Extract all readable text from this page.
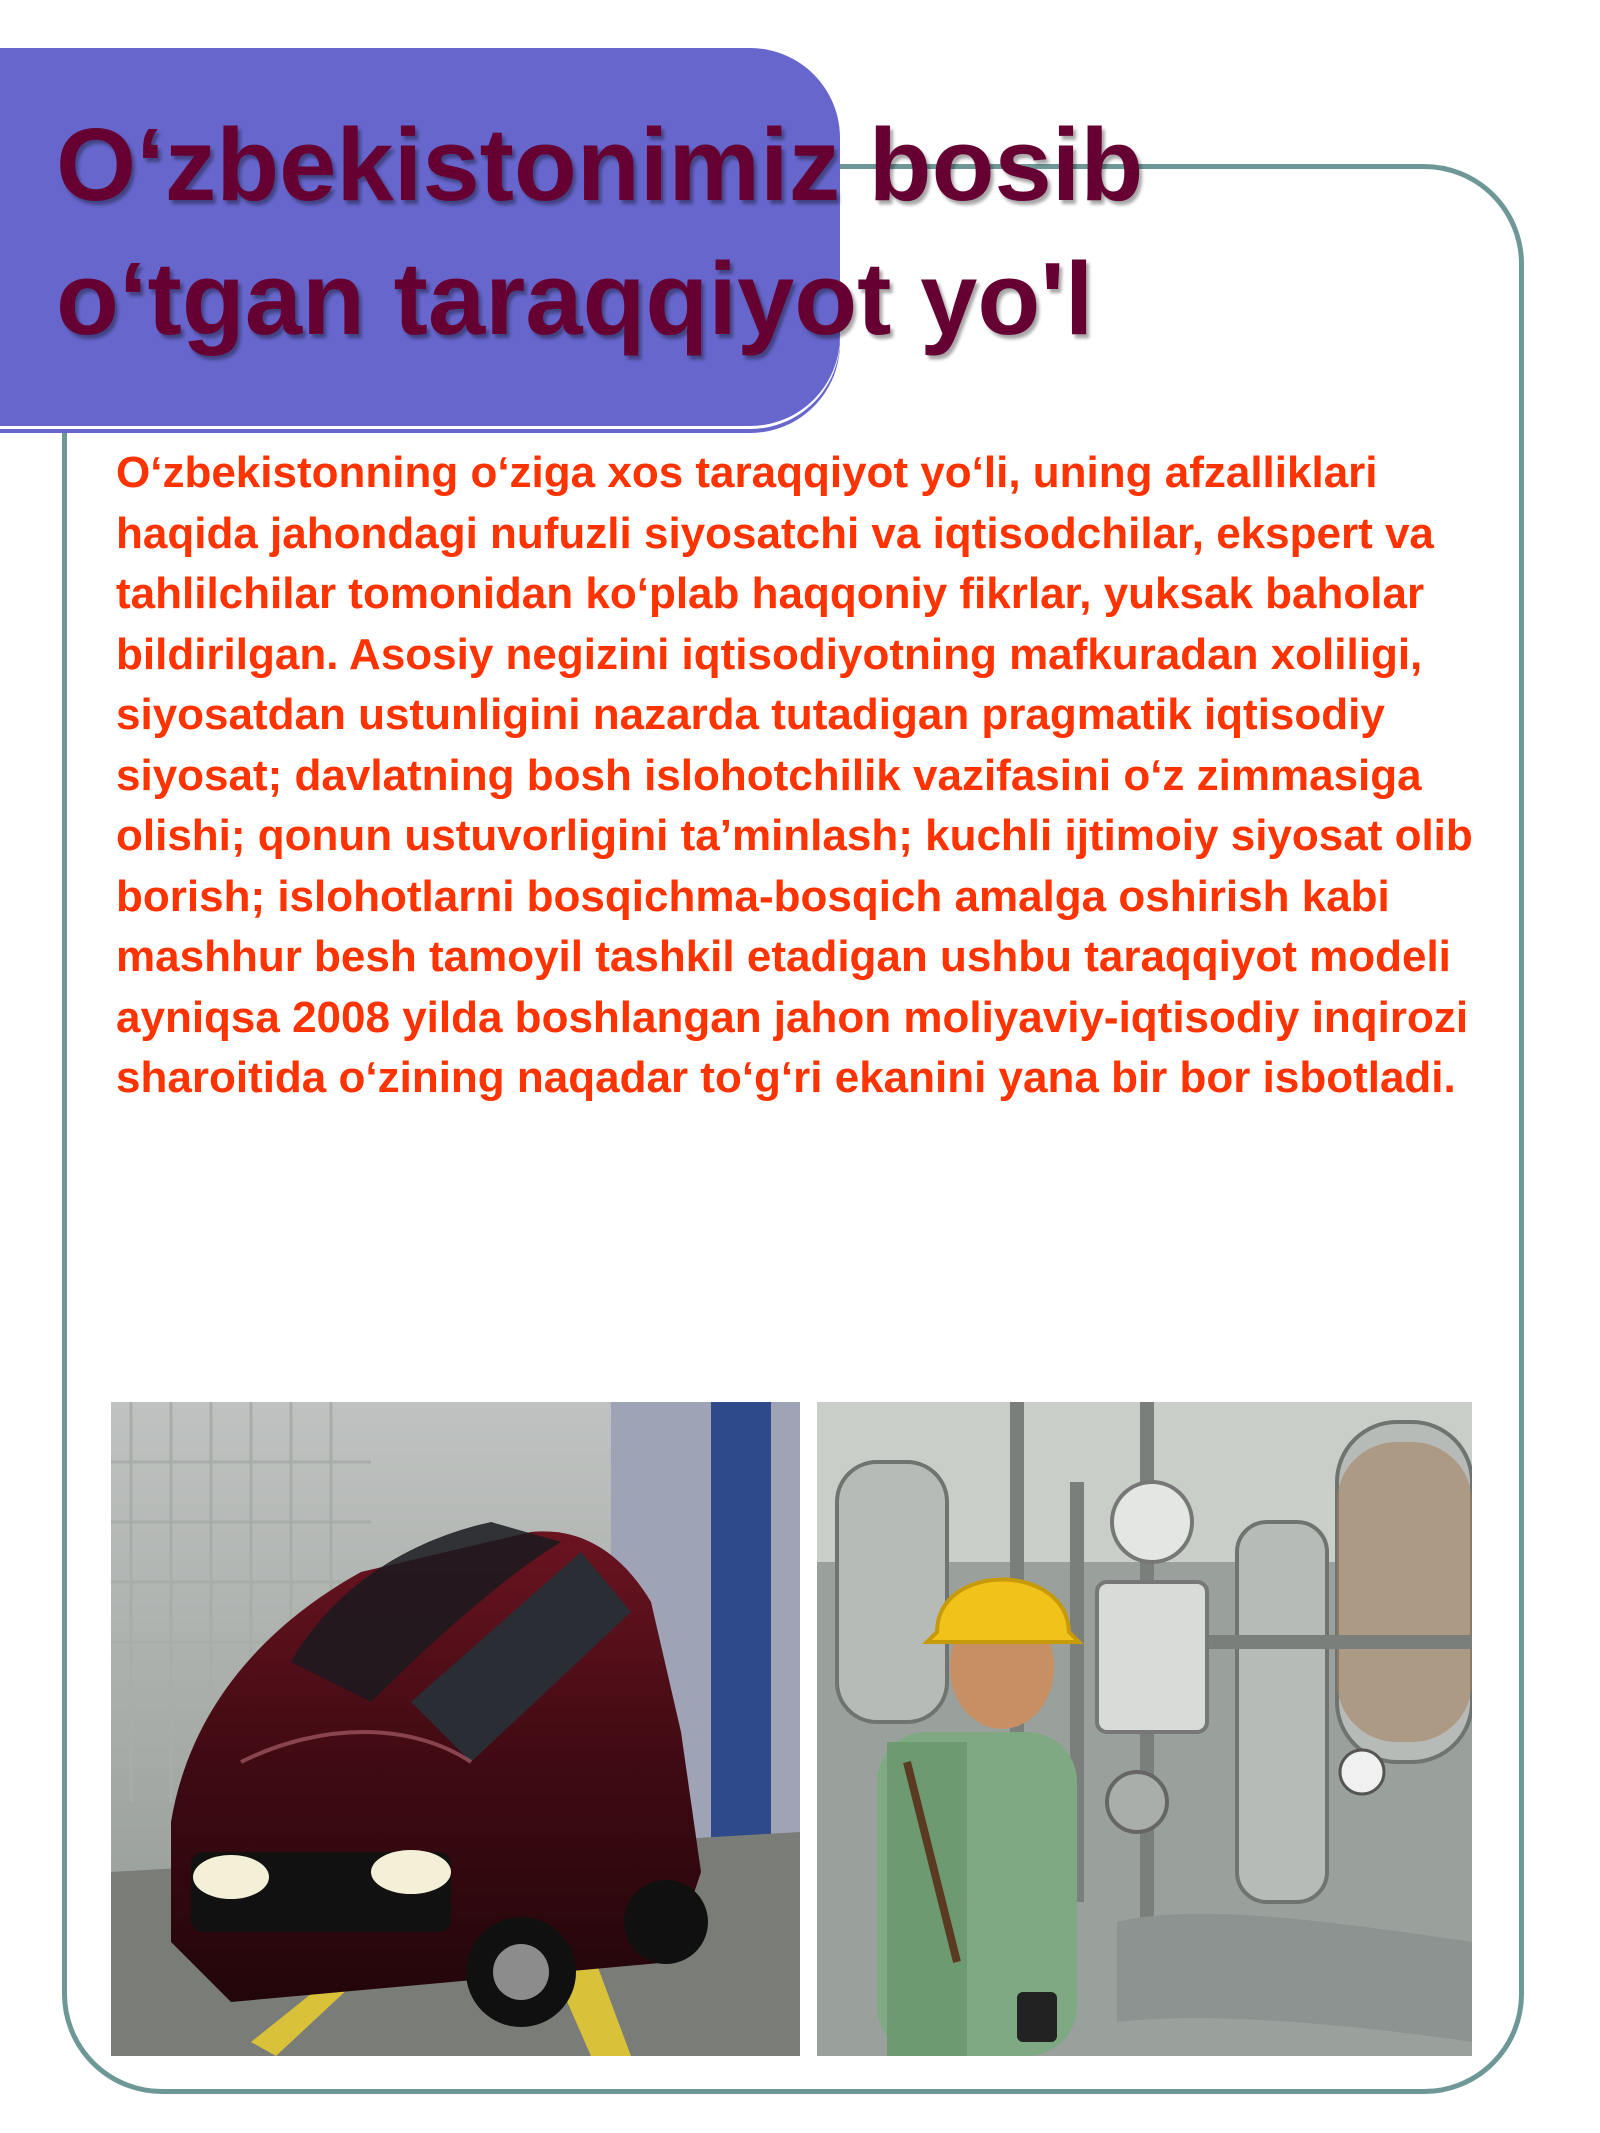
O‘zbekistonimiz bosib o‘tgan taraqqiyot yo'l

O‘zbekistonning o‘ziga xos taraqqiyot yo‘li, uning afzalliklari haqida jahondagi nufuzli siyosatchi va iqtisodchilar, ekspert va tahlilchilar tomonidan ko‘plab haqqoniy fikrlar, yuksak baholar bildirilgan. Asosiy negizini iqtisodiyotning mafkuradan xoliligi, siyosatdan ustunligini nazarda tutadigan pragmatik iqtisodiy siyosat; davlatning bosh islohotchilik vazifasini o‘z zimmasiga olishi; qonun ustuvorligini ta’minlash; kuchli ijtimoiy siyosat olib borish; islohotlarni bosqichma-bosqich amalga oshirish kabi mashhur besh tamoyil tashkil etadigan ushbu taraqqiyot modeli ayniqsa 2008 yilda boshlangan jahon moliyaviy-iqtisodiy inqirozi sharoitida o‘zining naqadar to‘g‘ri ekanini yana bir bor isbotladi.
